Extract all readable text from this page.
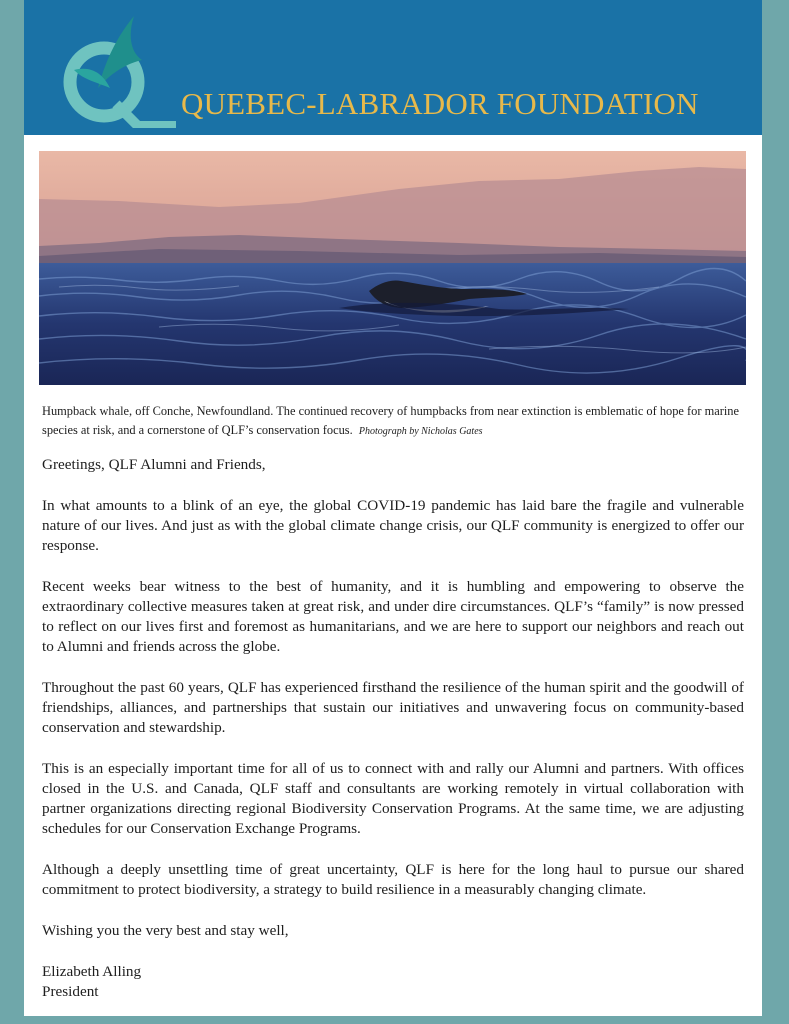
QUEBEC-LABRADOR FOUNDATION
Humpback whale, off Conche, Newfoundland. The continued recovery of humpbacks from near extinction is emblematic of hope for marine species at risk, and a cornerstone of QLF’s conservation focus. Photograph by Nicholas Gates

Greetings, QLF Alumni and Friends,

In what amounts to a blink of an eye, the global COVID-19 pandemic has laid bare the fragile and vulnerable nature of our lives. And just as with the global climate change crisis, our QLF community is energized to offer our response.

Recent weeks bear witness to the best of humanity, and it is humbling and empowering to observe the extraordinary collective measures taken at great risk, and under dire circumstances. QLF’s “family” is now pressed to reflect on our lives first and foremost as humanitarians, and we are here to support our neighbors and reach out to Alumni and friends across the globe.

Throughout the past 60 years, QLF has experienced firsthand the resilience of the human spirit and the goodwill of friendships, alliances, and partnerships that sustain our initiatives and unwavering focus on community-based conservation and stewardship.

This is an especially important time for all of us to connect with and rally our Alumni and partners. With offices closed in the U.S. and Canada, QLF staff and consultants are working remotely in virtual collaboration with partner organizations directing regional Biodiversity Conservation Programs. At the same time, we are adjusting schedules for our Conservation Exchange Programs.

Although a deeply unsettling time of great uncertainty, QLF is here for the long haul to pursue our shared commitment to protect biodiversity, a strategy to build resilience in a measurably changing climate.

Wishing you the very best and stay well,

Elizabeth Alling

President
